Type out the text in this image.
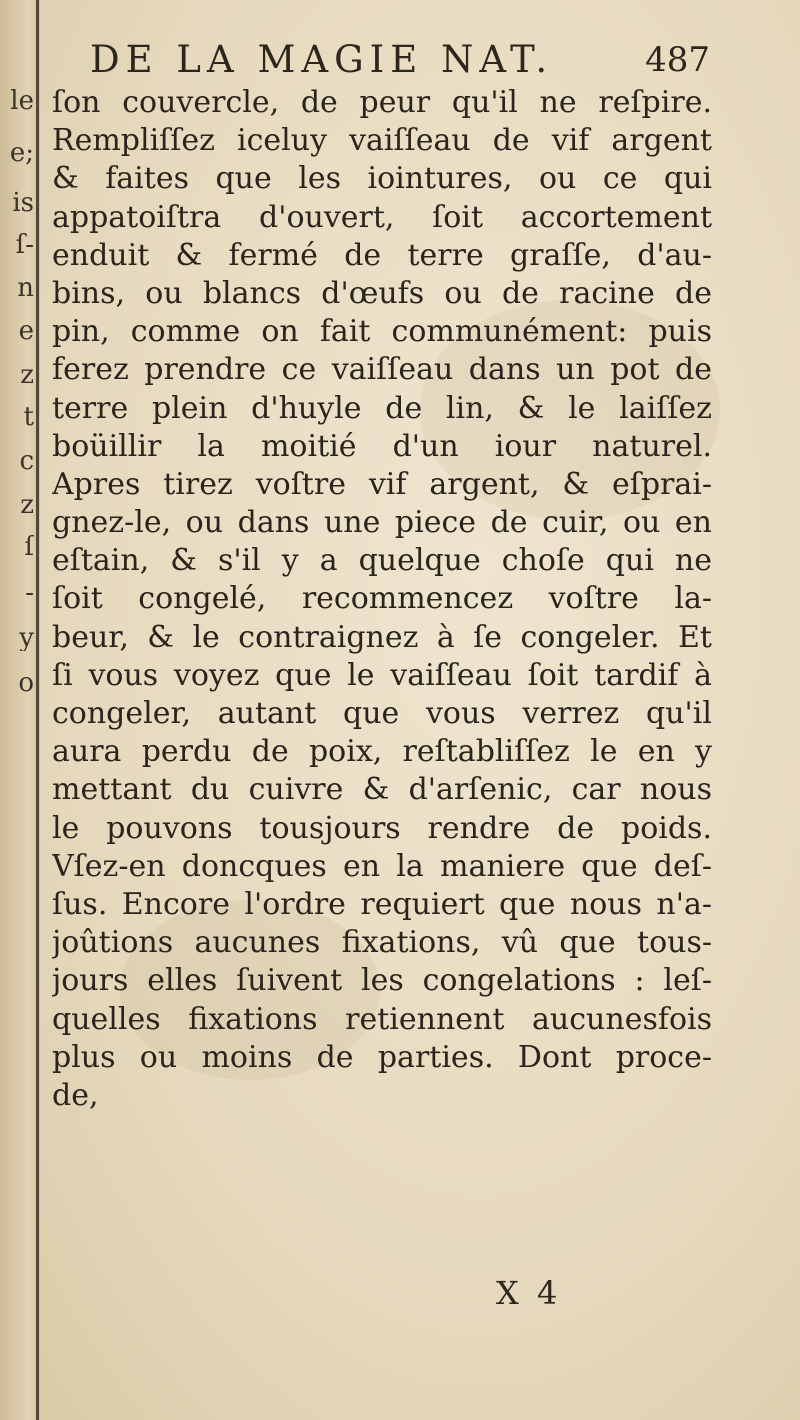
le
e;
is
ſ-
n
e
z
t
c
z
ſ
-
y
o
DE LA MAGIE NAT.	487
ſon couvercle, de peur qu'il ne reſpire.
Rempliſſez iceluy vaiſſeau de vif argent
& faites que les iointures, ou ce qui
appatoiſtra d'ouvert, ſoit accortement
enduit & fermé de terre graſſe, d'au-
bins, ou blancs d'œufs ou de racine de
pin, comme on fait communément: puis
ferez prendre ce vaiſſeau dans un pot de
terre plein d'huyle de lin, & le laiſſez
boüillir la moitié d'un iour naturel.
Apres tirez voſtre vif argent, & eſprai-
gnez-le, ou dans une piece de cuir, ou en
eſtain, & s'il y a quelque choſe qui ne
ſoit congelé, recommencez voſtre la-
beur, & le contraignez à ſe congeler. Et
ſi vous voyez que le vaiſſeau ſoit tardif à
congeler, autant que vous verrez qu'il
aura perdu de poix, reſtabliſſez le en y
mettant du cuivre & d'arſenic, car nous
le pouvons tousjours rendre de poids.
Vſez-en doncques en la maniere que deſ-
ſus. Encore l'ordre requiert que nous n'a-
joûtions aucunes fixations, vû que tous-
jours elles ſuivent les congelations : leſ-
quelles fixations retiennent aucunesfois
plus ou moins de parties. Dont proce-
de,
X 4
